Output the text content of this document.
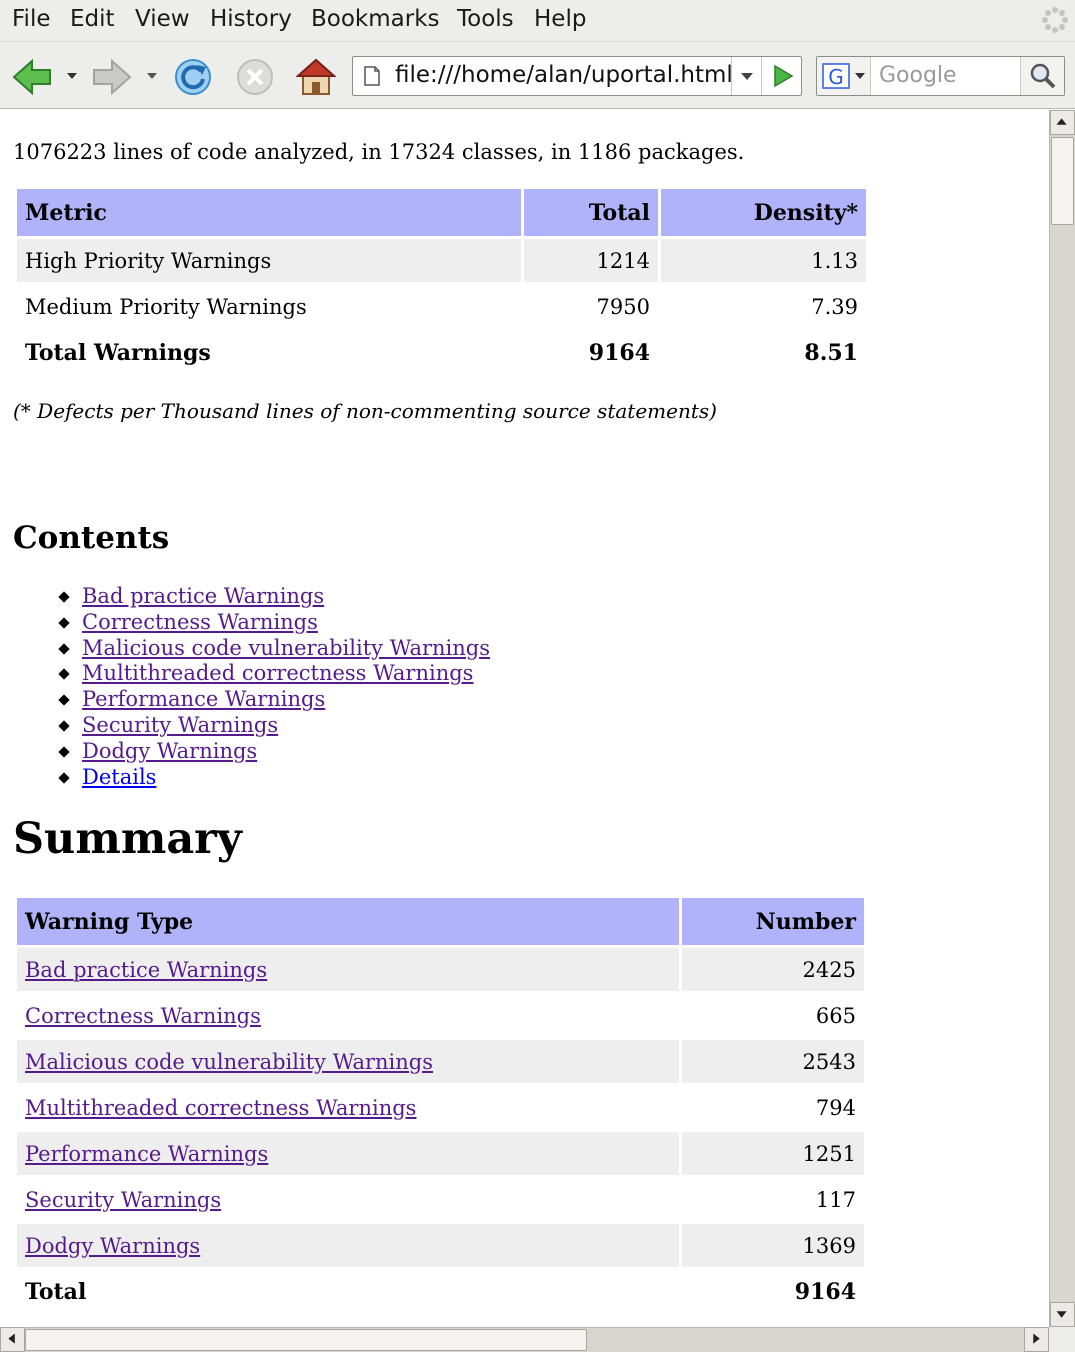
File Edit View History Bookmarks Tools Help
file:///home/alan/uportal.html	G Google
1076223 lines of code analyzed, in 17324 classes, in 1186 packages.
Metric	Total	Density*
High Priority Warnings	1214	1.13
Medium Priority Warnings	7950	7.39
Total Warnings	9164	8.51
(* Defects per Thousand lines of non-commenting source statements)
Contents
Bad practice Warnings
Correctness Warnings
Malicious code vulnerability Warnings
Multithreaded correctness Warnings
Performance Warnings
Security Warnings
Dodgy Warnings
Details
Summary
Warning Type	Number
Bad practice Warnings	2425
Correctness Warnings	665
Malicious code vulnerability Warnings	2543
Multithreaded correctness Warnings	794
Performance Warnings	1251
Security Warnings	117
Dodgy Warnings	1369
Total	9164
